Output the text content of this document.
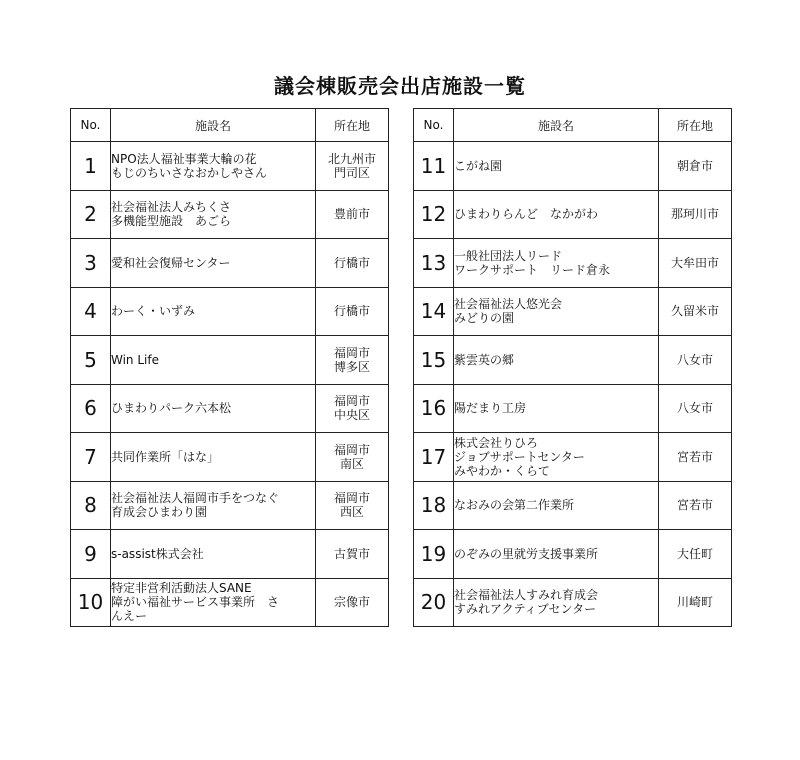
議会棟販売会出店施設一覧
No.	施設名	所在地
1	NPO法人福祉事業大輪の花
もじのちいさなおかしやさん	北九州市
門司区

2	社会福祉法人みちくさ
多機能型施設　あごら	豊前市

3	愛和社会復帰センター	行橋市

4	わーく・いずみ	行橋市

5	Win Life	福岡市
博多区

6	ひまわりパーク六本松	福岡市
中央区

7	共同作業所「はな」	福岡市
南区

8	社会福祉法人福岡市手をつなぐ
育成会ひまわり園	福岡市
西区

9	s-assist株式会社	古賀市

10	特定非営利活動法人SANE
障がい福祉サービス事業所　さ
んえー	宗像市
No.	施設名	所在地
11	こがね園	朝倉市

12	ひまわりらんど　なかがわ	那珂川市

13	一般社団法人リード
ワークサポート　リード倉永	大牟田市

14	社会福祉法人悠光会
みどりの園	久留米市

15	紫雲英の郷	八女市

16	陽だまり工房	八女市

17	株式会社りひろ
ジョブサポートセンター
みやわか・くらて	宮若市

18	なおみの会第二作業所	宮若市

19	のぞみの里就労支援事業所	大任町

20	社会福祉法人すみれ育成会
すみれアクティブセンター	川崎町
